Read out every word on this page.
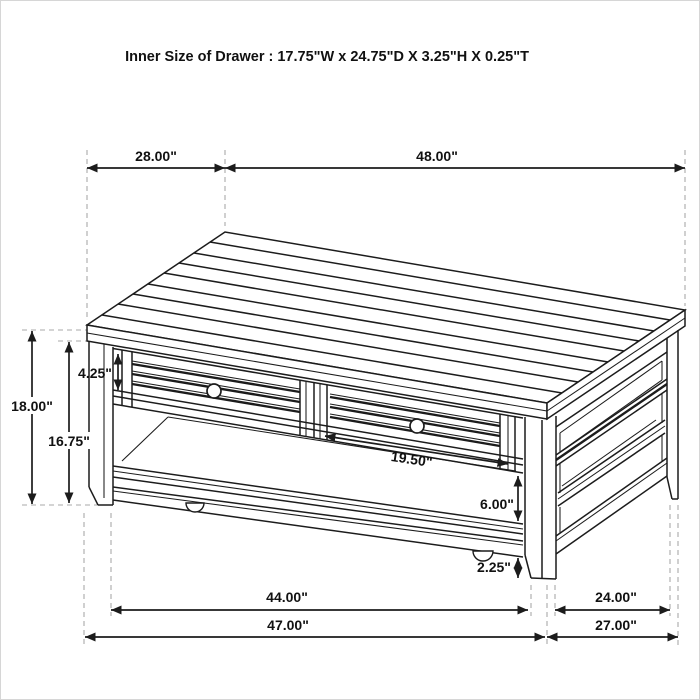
Inner Size of Drawer : 17.75"W x 24.75"D X 3.25"H X 0.25"T
28.00"	48.00"
18.00"
16.75"
4.25"
19.50"
6.00"
2.25"
44.00"
47.00"
24.00"
27.00"
